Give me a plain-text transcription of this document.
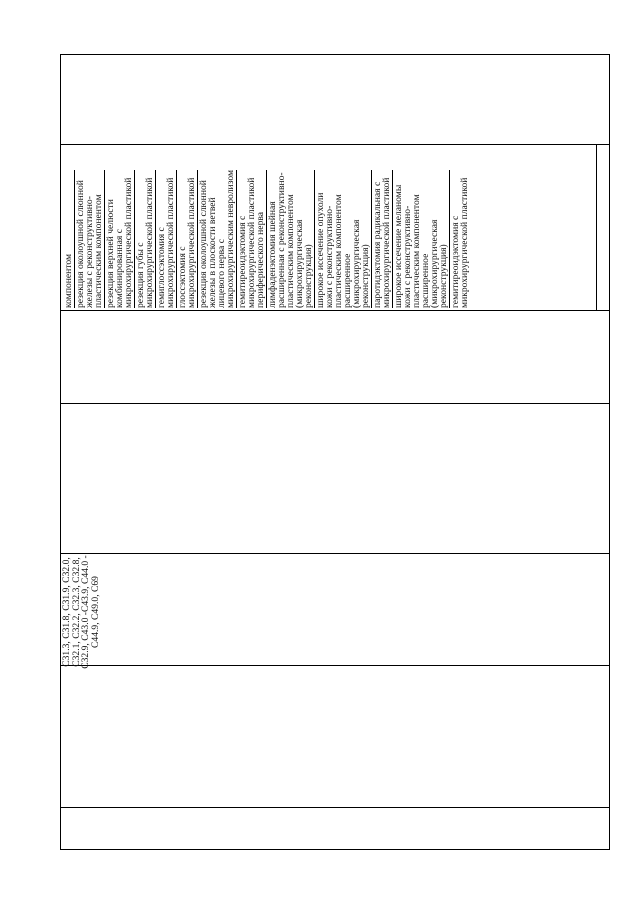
компонентом резекция околоушной слюнной
железы с реконструктивно-
пластическим компонентом резекция верхней челюсти
комбинированная с
микрохирургической пластикой резекция губы с
микрохирургической пластикой гемиглоссэктомия с
микрохирургической пластикой глоссэктомия с
микрохирургической пластикой резекция околоушной слюнной
железы в плоскости ветвей
лицевого нерва с
микрохирургическим невролизом гемитиреоидэктомия с
микрохирургической пластикой
периферического нерва лимфаденэктомия шейная
расширенная с реконструктивно-
пластическим компонентом
(микрохирургическая
реконструкция) широкое иссечение опухоли
кожи с реконструктивно-
пластическим компонентом
расширенное
(микрохирургическая
реконструкция) паротидэктомия радикальная с
микрохирургической пластикой широкое иссечение меланомы
кожи с реконструктивно-
пластическим компонентом
расширенное
(микрохирургическая
реконструкция) гемитиреоидэктомия с
микрохирургической пластикой
C31.3, C31.8, C31.9, C32.0, C32.1, C32.2, C32.3, C32.8, C32.9, C43.0 -C43.9, C44.0 - C44.9, C49.0, C69
